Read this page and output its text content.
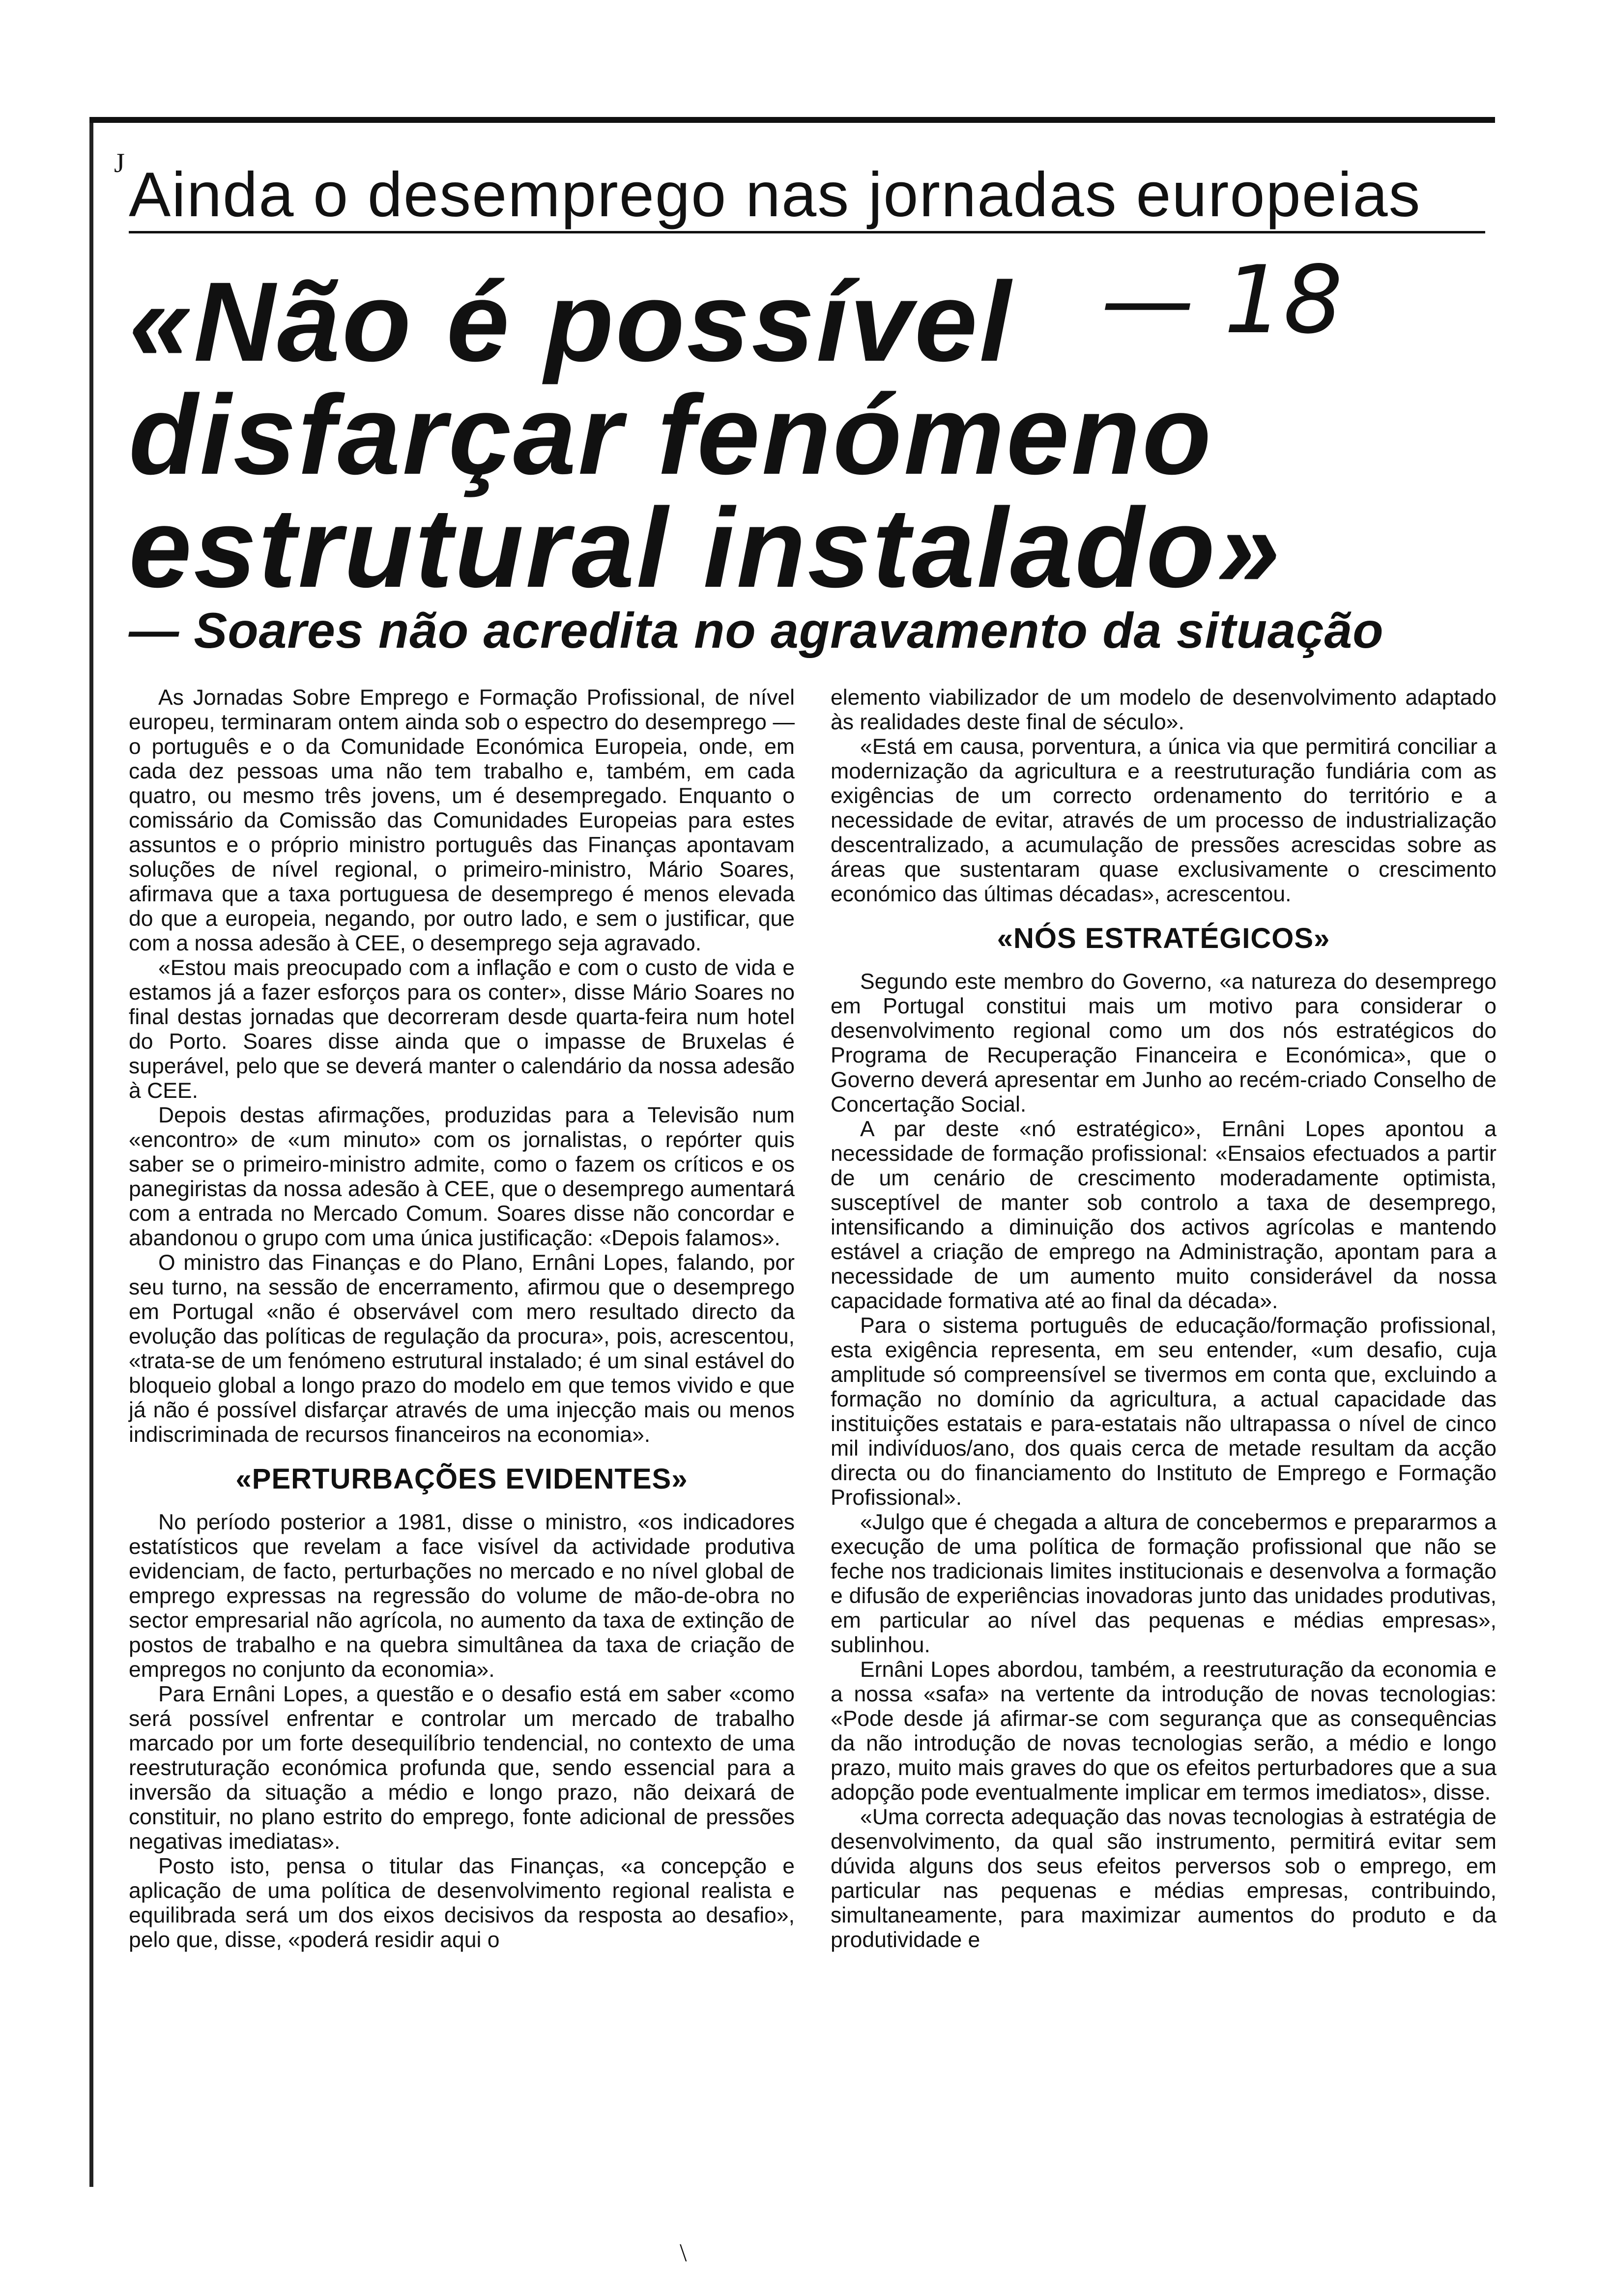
J Ainda o desemprego nas jornadas europeias
«Não é possível
disfarçar fenómeno
estrutural instalado»
— 18
— Soares não acredita no agravamento da situação

As Jornadas Sobre Emprego e Formação Profissional, de nível europeu, terminaram ontem ainda sob o espectro do desemprego — o português e o da Comunidade Económica Europeia, onde, em cada dez pessoas uma não tem trabalho e, também, em cada quatro, ou mesmo três jovens, um é desempregado. Enquanto o comissário da Comissão das Comunidades Europeias para estes assuntos e o próprio ministro português das Finanças apontavam soluções de nível regional, o primeiro-ministro, Mário Soares, afirmava que a taxa portuguesa de desemprego é menos elevada do que a europeia, negando, por outro lado, e sem o justificar, que com a nossa adesão à CEE, o desemprego seja agravado.

«Estou mais preocupado com a inflação e com o custo de vida e estamos já a fazer esforços para os conter», disse Mário Soares no final destas jornadas que decorreram desde quarta-feira num hotel do Porto. Soares disse ainda que o impasse de Bruxelas é superável, pelo que se deverá manter o calendário da nossa adesão à CEE.

Depois destas afirmações, produzidas para a Televisão num «encontro» de «um minuto» com os jornalistas, o repórter quis saber se o primeiro-ministro admite, como o fazem os críticos e os panegiristas da nossa adesão à CEE, que o desemprego aumentará com a entrada no Mercado Comum. Soares disse não concordar e abandonou o grupo com uma única justificação: «Depois falamos».

O ministro das Finanças e do Plano, Ernâni Lopes, falando, por seu turno, na sessão de encerramento, afirmou que o desemprego em Portugal «não é observável com mero resultado directo da evolução das políticas de regulação da procura», pois, acrescentou, «trata-se de um fenómeno estrutural instalado; é um sinal estável do bloqueio global a longo prazo do modelo em que temos vivido e que já não é possível disfarçar através de uma injecção mais ou menos indiscriminada de recursos financeiros na economia».

«PERTURBAÇÕES EVIDENTES»

No período posterior a 1981, disse o ministro, «os indicadores estatísticos que revelam a face visível da actividade produtiva evidenciam, de facto, perturbações no mercado e no nível global de emprego expressas na regressão do volume de mão-de-obra no sector empresarial não agrícola, no aumento da taxa de extinção de postos de trabalho e na quebra simultânea da taxa de criação de empregos no conjunto da economia».

Para Ernâni Lopes, a questão e o desafio está em saber «como será possível enfrentar e controlar um mercado de trabalho marcado por um forte desequilíbrio tendencial, no contexto de uma reestruturação económica profunda que, sendo essencial para a inversão da situação a médio e longo prazo, não deixará de constituir, no plano estrito do emprego, fonte adicional de pressões negativas imediatas».

Posto isto, pensa o titular das Finanças, «a concepção e aplicação de uma política de desenvolvimento regional realista e equilibrada será um dos eixos decisivos da resposta ao desafio», pelo que, disse, «poderá residir aqui o

elemento viabilizador de um modelo de desenvolvimento adaptado às realidades deste final de século».

«Está em causa, porventura, a única via que permitirá conciliar a modernização da agricultura e a reestruturação fundiária com as exigências de um correcto ordenamento do território e a necessidade de evitar, através de um processo de industrialização descentralizado, a acumulação de pressões acrescidas sobre as áreas que sustentaram quase exclusivamente o crescimento económico das últimas décadas», acrescentou.

«NÓS ESTRATÉGICOS»

Segundo este membro do Governo, «a natureza do desemprego em Portugal constitui mais um motivo para considerar o desenvolvimento regional como um dos nós estratégicos do Programa de Recuperação Financeira e Económica», que o Governo deverá apresentar em Junho ao recém-criado Conselho de Concertação Social.

A par deste «nó estratégico», Ernâni Lopes apontou a necessidade de formação profissional: «Ensaios efectuados a partir de um cenário de crescimento moderadamente optimista, susceptível de manter sob controlo a taxa de desemprego, intensificando a diminuição dos activos agrícolas e mantendo estável a criação de emprego na Administração, apontam para a necessidade de um aumento muito considerável da nossa capacidade formativa até ao final da década».

Para o sistema português de educação/formação profissional, esta exigência representa, em seu entender, «um desafio, cuja amplitude só compreensível se tivermos em conta que, excluindo a formação no domínio da agricultura, a actual capacidade das instituições estatais e para-estatais não ultrapassa o nível de cinco mil indivíduos/ano, dos quais cerca de metade resultam da acção directa ou do financiamento do Instituto de Emprego e Formação Profissional».

«Julgo que é chegada a altura de concebermos e prepararmos a execução de uma política de formação profissional que não se feche nos tradicionais limites institucionais e desenvolva a formação e difusão de experiências inovadoras junto das unidades produtivas, em particular ao nível das pequenas e médias empresas», sublinhou.

Ernâni Lopes abordou, também, a reestruturação da economia e a nossa «safa» na vertente da introdução de novas tecnologias: «Pode desde já afirmar-se com segurança que as consequências da não introdução de novas tecnologias serão, a médio e longo prazo, muito mais graves do que os efeitos perturbadores que a sua adopção pode eventualmente implicar em termos imediatos», disse.

«Uma correcta adequação das novas tecnologias à estratégia de desenvolvimento, da qual são instrumento, permitirá evitar sem dúvida alguns dos seus efeitos perversos sob o emprego, em particular nas pequenas e médias empresas, contribuindo, simultaneamente, para maximizar aumentos do produto e da produtividade e

\
